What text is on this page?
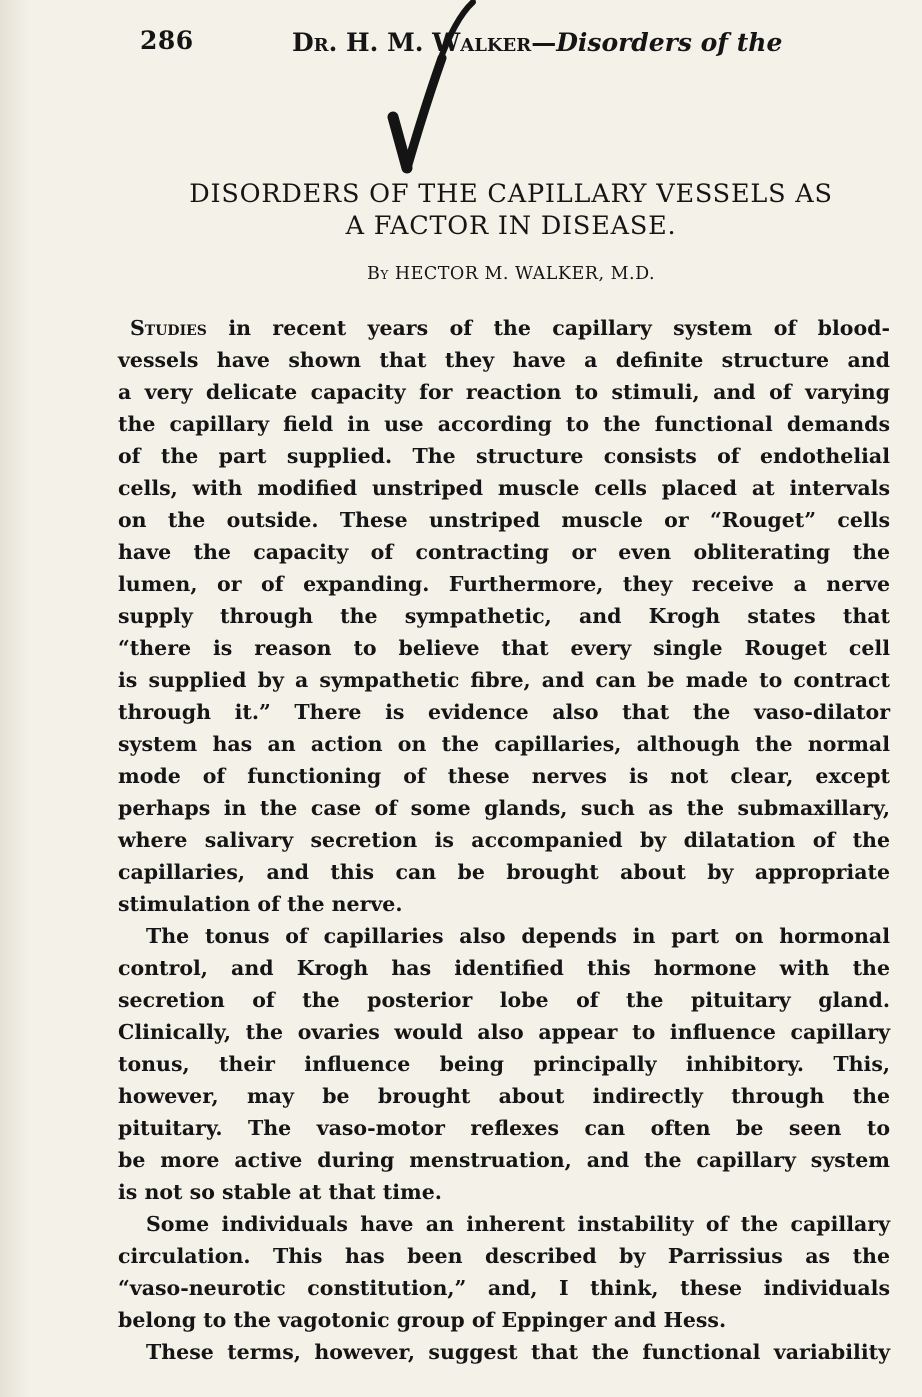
286	Dr. H. M. Walker—Disorders of the
DISORDERS OF THE CAPILLARY VESSELS AS
A FACTOR IN DISEASE.
By HECTOR M. WALKER, M.D.
Studies in recent years of the capillary system of blood-
vessels have shown that they have a definite structure and
a very delicate capacity for reaction to stimuli, and of varying
the capillary field in use according to the functional demands
of the part supplied. The structure consists of endothelial
cells, with modified unstriped muscle cells placed at intervals
on the outside. These unstriped muscle or “Rouget” cells
have the capacity of contracting or even obliterating the
lumen, or of expanding. Furthermore, they receive a nerve
supply through the sympathetic, and Krogh states that
“there is reason to believe that every single Rouget cell
is supplied by a sympathetic fibre, and can be made to contract
through it.” There is evidence also that the vaso-dilator
system has an action on the capillaries, although the normal
mode of functioning of these nerves is not clear, except
perhaps in the case of some glands, such as the submaxillary,
where salivary secretion is accompanied by dilatation of the
capillaries, and this can be brought about by appropriate
stimulation of the nerve.
The tonus of capillaries also depends in part on hormonal
control, and Krogh has identified this hormone with the
secretion of the posterior lobe of the pituitary gland.
Clinically, the ovaries would also appear to influence capillary
tonus, their influence being principally inhibitory. This,
however, may be brought about indirectly through the
pituitary. The vaso-motor reflexes can often be seen to
be more active during menstruation, and the capillary system
is not so stable at that time.
Some individuals have an inherent instability of the capillary
circulation. This has been described by Parrissius as the
“vaso-neurotic constitution,” and, I think, these individuals
belong to the vagotonic group of Eppinger and Hess.
These terms, however, suggest that the functional variability
